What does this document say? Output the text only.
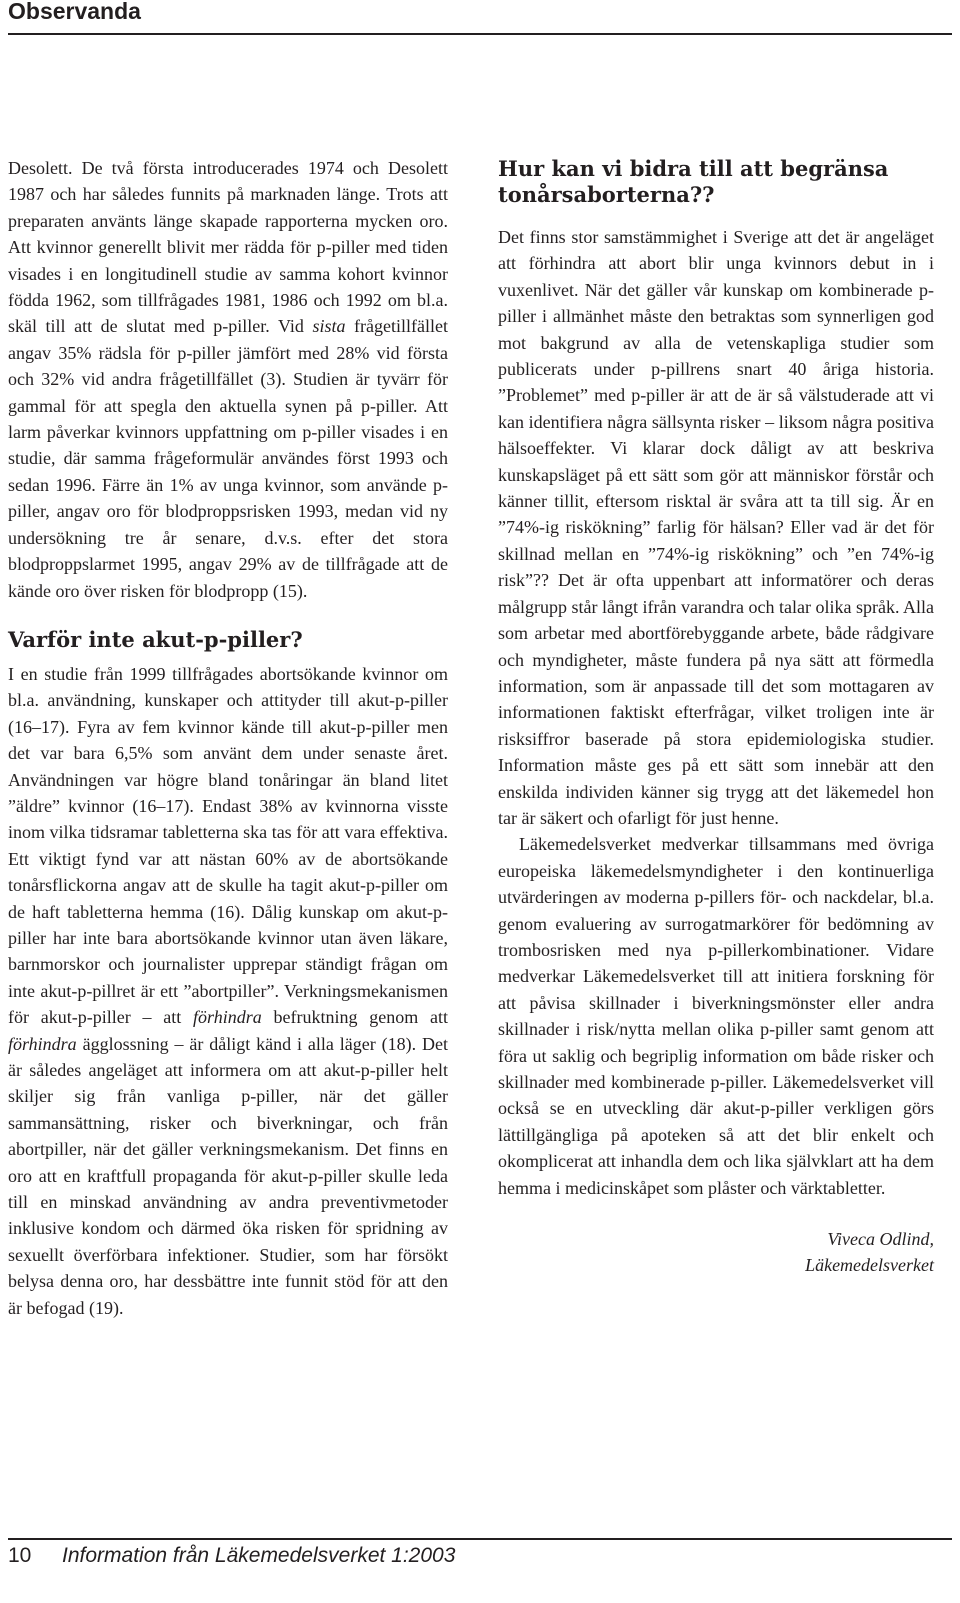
Observanda

Desolett. De två första introducerades 1974 och Desolett 1987 och har således funnits på marknaden länge. Trots att preparaten använts länge skapade rapporterna mycken oro. Att kvinnor generellt blivit mer rädda för p-piller med tiden visades i en longitudinell studie av samma kohort kvinnor födda 1962, som tillfrågades 1981, 1986 och 1992 om bl.a. skäl till att de slutat med p-piller. Vid sista frågetillfället angav 35% rädsla för p-piller jämfört med 28% vid första och 32% vid andra frågetillfället (3). Studien är tyvärr för gammal för att spegla den aktuella synen på p-piller. Att larm påverkar kvinnors uppfattning om p-piller visades i en studie, där samma frågeformulär användes först 1993 och sedan 1996. Färre än 1% av unga kvinnor, som använde p-piller, angav oro för blodproppsrisken 1993, medan vid ny undersökning tre år senare, d.v.s. efter det stora blodproppslarmet 1995, angav 29% av de tillfrågade att de kände oro över risken för blodpropp (15).

Varför inte akut-p-piller?

I en studie från 1999 tillfrågades abortsökande kvinnor om bl.a. användning, kunskaper och attityder till akut-p-piller (16–17). Fyra av fem kvinnor kände till akut-p-piller men det var bara 6,5% som använt dem under senaste året. Användningen var högre bland tonåringar än bland litet ”äldre” kvinnor (16–17). Endast 38% av kvinnorna visste inom vilka tidsramar tabletterna ska tas för att vara effektiva. Ett viktigt fynd var att nästan 60% av de abortsökande tonårsflickorna angav att de skulle ha tagit akut-p-piller om de haft tabletterna hemma (16). Dålig kunskap om akut-p-piller har inte bara abortsökande kvinnor utan även läkare, barnmorskor och journalister upprepar ständigt frågan om inte akut-p-pillret är ett ”abortpiller”. Verkningsmekanismen för akut-p-piller – att förhindra befruktning genom att förhindra ägglossning – är dåligt känd i alla läger (18). Det är således angeläget att informera om att akut-p-piller helt skiljer sig från vanliga p-piller, när det gäller sammansättning, risker och biverkningar, och från abortpiller, när det gäller verkningsmekanism. Det finns en oro att en kraftfull propaganda för akut-p-piller skulle leda till en minskad användning av andra preventivmetoder inklusive kondom och därmed öka risken för spridning av sexuellt överförbara infektioner. Studier, som har försökt belysa denna oro, har dessbättre inte funnit stöd för att den är befogad (19).

Hur kan vi bidra till att begränsa tonårsaborterna??

Det finns stor samstämmighet i Sverige att det är angeläget att förhindra att abort blir unga kvinnors debut in i vuxenlivet. När det gäller vår kunskap om kombinerade p-piller i allmänhet måste den betraktas som synnerligen god mot bakgrund av alla de vetenskapliga studier som publicerats under p-pillrens snart 40 åriga historia. ”Problemet” med p-piller är att de är så välstuderade att vi kan identifiera några sällsynta risker – liksom några positiva hälsoeffekter. Vi klarar dock dåligt av att beskriva kunskapsläget på ett sätt som gör att människor förstår och känner tillit, eftersom risktal är svåra att ta till sig. Är en ”74%-ig riskökning” farlig för hälsan? Eller vad är det för skillnad mellan en ”74%-ig riskökning” och ”en 74%-ig risk”?? Det är ofta uppenbart att informatörer och deras målgrupp står långt ifrån varandra och talar olika språk. Alla som arbetar med abortförebyggande arbete, både rådgivare och myndigheter, måste fundera på nya sätt att förmedla information, som är anpassade till det som mottagaren av informationen faktiskt efterfrågar, vilket troligen inte är risksiffror baserade på stora epidemiologiska studier. Information måste ges på ett sätt som innebär att den enskilda individen känner sig trygg att det läkemedel hon tar är säkert och ofarligt för just henne.

Läkemedelsverket medverkar tillsammans med övriga europeiska läkemedelsmyndigheter i den kontinuerliga utvärderingen av moderna p-pillers för- och nackdelar, bl.a. genom evaluering av surrogatmarkörer för bedömning av trombosrisken med nya p-pillerkombinationer. Vidare medverkar Läkemedelsverket till att initiera forskning för att påvisa skillnader i biverkningsmönster eller andra skillnader i risk/nytta mellan olika p-piller samt genom att föra ut saklig och begriplig information om både risker och skillnader med kombinerade p-piller. Läkemedelsverket vill också se en utveckling där akut-p-piller verkligen görs lättillgängliga på apoteken så att det blir enkelt och okomplicerat att inhandla dem och lika självklart att ha dem hemma i medicinskåpet som plåster och värktabletter.

Viveca Odlind,
Läkemedelsverket
10 Information från Läkemedelsverket 1:2003
